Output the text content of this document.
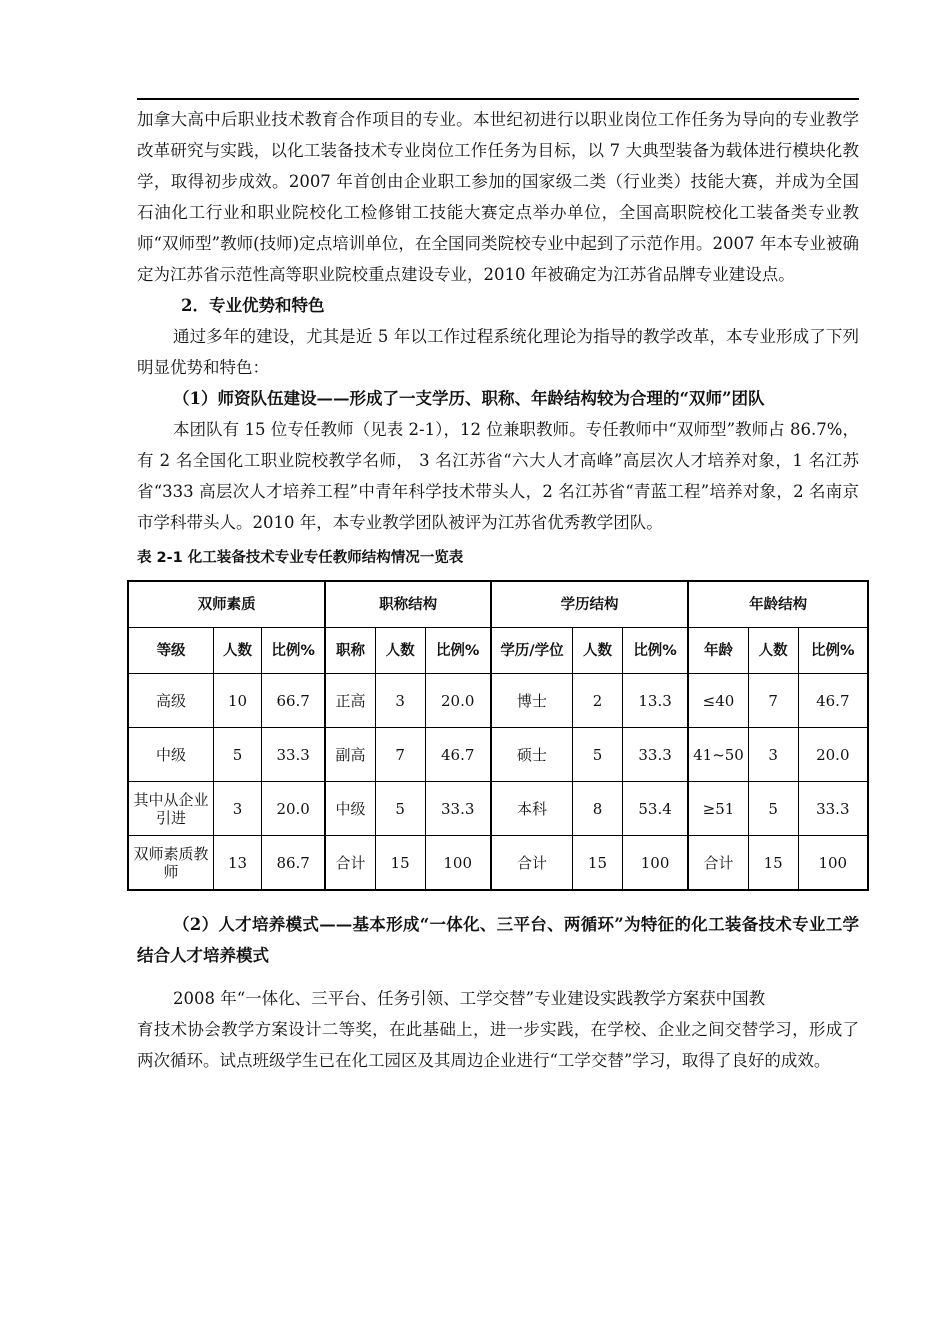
加拿大高中后职业技术教育合作项目的专业。本世纪初进行以职业岗位工作任务为导向的专业教学改革研究与实践，以化工装备技术专业岗位工作任务为目标，以 7 大典型装备为载体进行模块化教学，取得初步成效。2007 年首创由企业职工参加的国家级二类（行业类）技能大赛，并成为全国石油化工行业和职业院校化工检修钳工技能大赛定点举办单位，全国高职院校化工装备类专业教师“双师型”教师(技师)定点培训单位，在全国同类院校专业中起到了示范作用。2007 年本专业被确定为江苏省示范性高等职业院校重点建设专业，2010 年被确定为江苏省品牌专业建设点。

2．专业优势和特色

通过多年的建设，尤其是近 5 年以工作过程系统化理论为指导的教学改革，本专业形成了下列明显优势和特色：

（1）师资队伍建设——形成了一支学历、职称、年龄结构较为合理的“双师”团队

本团队有 15 位专任教师（见表 2-1），12 位兼职教师。专任教师中“双师型”教师占 86.7%，有 2 名全国化工职业院校教学名师， 3 名江苏省“六大人才高峰”高层次人才培养对象，1 名江苏省“333 高层次人才培养工程”中青年科学技术带头人，2 名江苏省“青蓝工程”培养对象，2 名南京市学科带头人。2010 年，本专业教学团队被评为江苏省优秀教学团队。

表 2-1 化工装备技术专业专任教师结构情况一览表

双师素质			职称结构			学历结构			年龄结构		
等级	人数	比例%	职称	人数	比例%	学历/学位	人数	比例%	年龄	人数	比例%
高级	10	66.7	正高	3	20.0	博士	2	13.3	≤40	7	46.7
中级	5	33.3	副高	7	46.7	硕士	5	33.3	41~50	3	20.0
其中从企业引进	3	20.0	中级	5	33.3	本科	8	53.4	≥51	5	33.3
双师素质教师	13	86.7	合计	15	100	合计	15	100	合计	15	100

（2）人才培养模式——基本形成“一体化、三平台、两循环”为特征的化工装备技术专业工学结合人才培养模式

2008 年“一体化、三平台、任务引领、工学交替”专业建设实践教学方案获中国教

育技术协会教学方案设计二等奖，在此基础上，进一步实践，在学校、企业之间交替学习，形成了两次循环。试点班级学生已在化工园区及其周边企业进行“工学交替”学习，取得了良好的成效。
